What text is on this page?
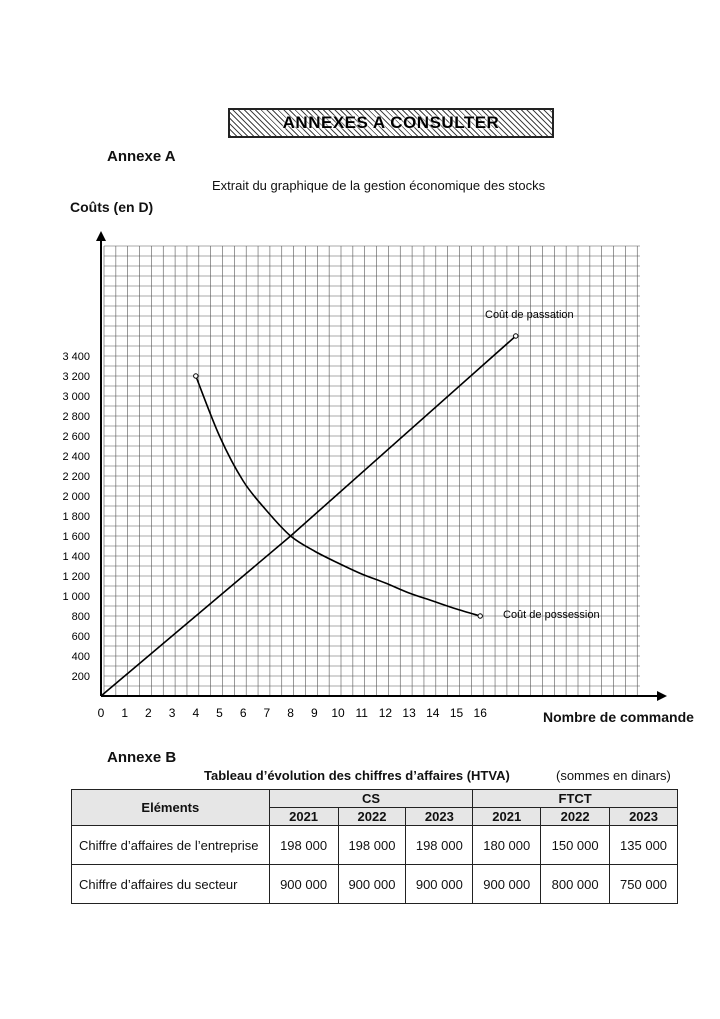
ANNEXES A CONSULTER
Annexe A
Extrait du graphique de la gestion économique des stocks
Coûts (en D)
Nombre de commande
0 1 2 3 4 5 6 7 8 9 10 11 12 13 14 15 16
200
400
600
800
1 000
1 200
1 400
1 600
1 800
2 000
2 200
2 400
2 600
2 800
3 000
3 200
3 400
Coût de passation
Coût de possession
Annexe B
Tableau d’évolution des chiffres d’affaires (HTVA)	(sommes en dinars)
Eléments	CS			FTCT		
	2021	2022	2023	2021	2022	2023
Chiffre d’affaires de l’entreprise	198 000	198 000	198 000	180 000	150 000	135 000
Chiffre d’affaires du secteur	900 000	900 000	900 000	900 000	800 000	750 000
